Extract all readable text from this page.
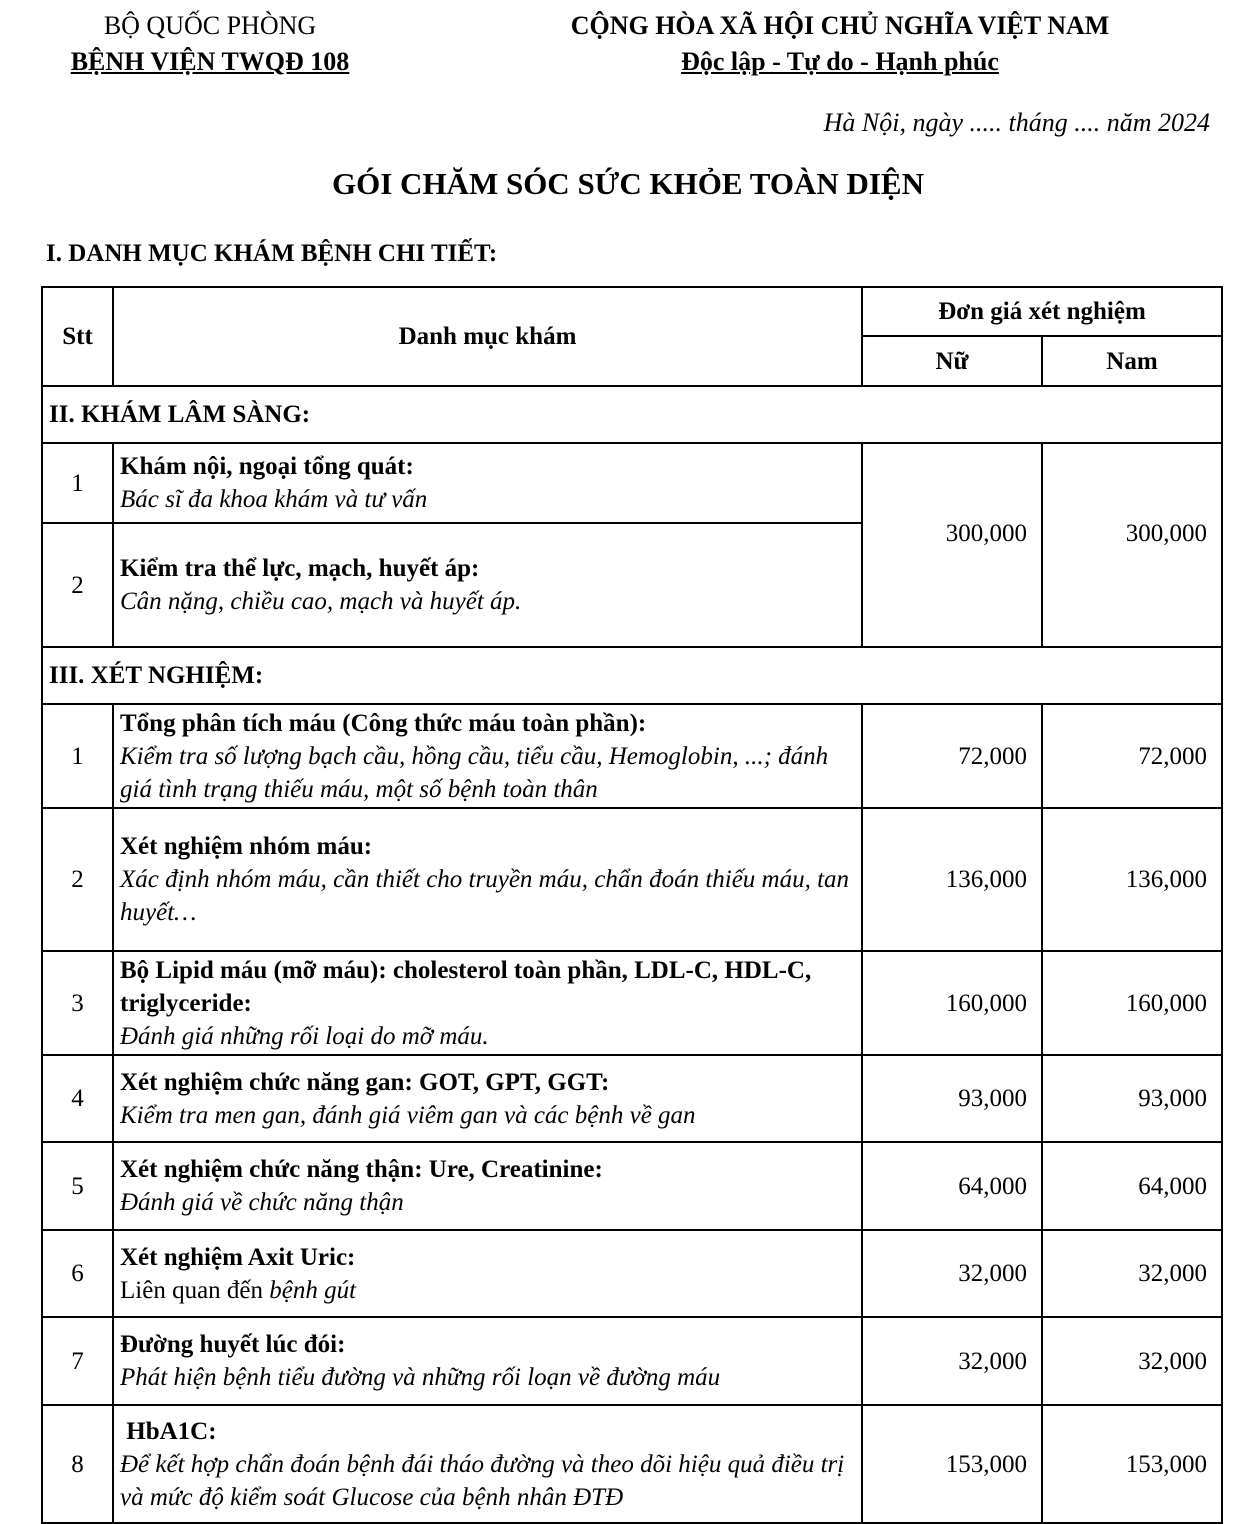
BỘ QUỐC PHÒNG
BỆNH VIỆN TWQĐ 108
CỘNG HÒA XÃ HỘI CHỦ NGHĨA VIỆT NAM
Độc lập - Tự do - Hạnh phúc
Hà Nội, ngày ..... tháng .... năm 2024
GÓI CHĂM SÓC SỨC KHỎE TOÀN DIỆN
I. DANH MỤC KHÁM BỆNH CHI TIẾT:
Stt	Danh mục khám	Đơn giá xét nghiệm	
		Nữ	Nam
II. KHÁM LÂM SÀNG:			
1	Khám nội, ngoại tổng quát:
Bác sĩ đa khoa khám và tư vấn	300,000	300,000
2	Kiểm tra thể lực, mạch, huyết áp:
Cân nặng, chiều cao, mạch và huyết áp.		

III. XÉT NGHIỆM:			
1	Tổng phân tích máu (Công thức máu toàn phần):
Kiểm tra số lượng bạch cầu, hồng cầu, tiểu cầu, Hemoglobin, ...; đánh giá tình trạng thiếu máu, một số bệnh toàn thân	72,000	72,000
2	Xét nghiệm nhóm máu:
Xác định nhóm máu, cần thiết cho truyền máu, chẩn đoán thiếu máu, tan huyết…	136,000	136,000
3	Bộ Lipid máu (mỡ máu): cholesterol toàn phần, LDL-C, HDL-C, triglyceride:
Đánh giá những rối loại do mỡ máu.	160,000	160,000
4	Xét nghiệm chức năng gan: GOT, GPT, GGT:
Kiểm tra men gan, đánh giá viêm gan và các bệnh về gan	93,000	93,000
5	Xét nghiệm chức năng thận: Ure, Creatinine:
Đánh giá về chức năng thận	64,000	64,000
6	Xét nghiệm Axit Uric:
Liên quan đến bệnh gút	32,000	32,000
7	Đường huyết lúc đói:
Phát hiện bệnh tiểu đường và những rối loạn về đường máu	32,000	32,000
8	HbA1C:
Để kết hợp chẩn đoán bệnh đái tháo đường và theo dõi hiệu quả điều trị và mức độ kiểm soát Glucose của bệnh nhân ĐTĐ	153,000	153,000
